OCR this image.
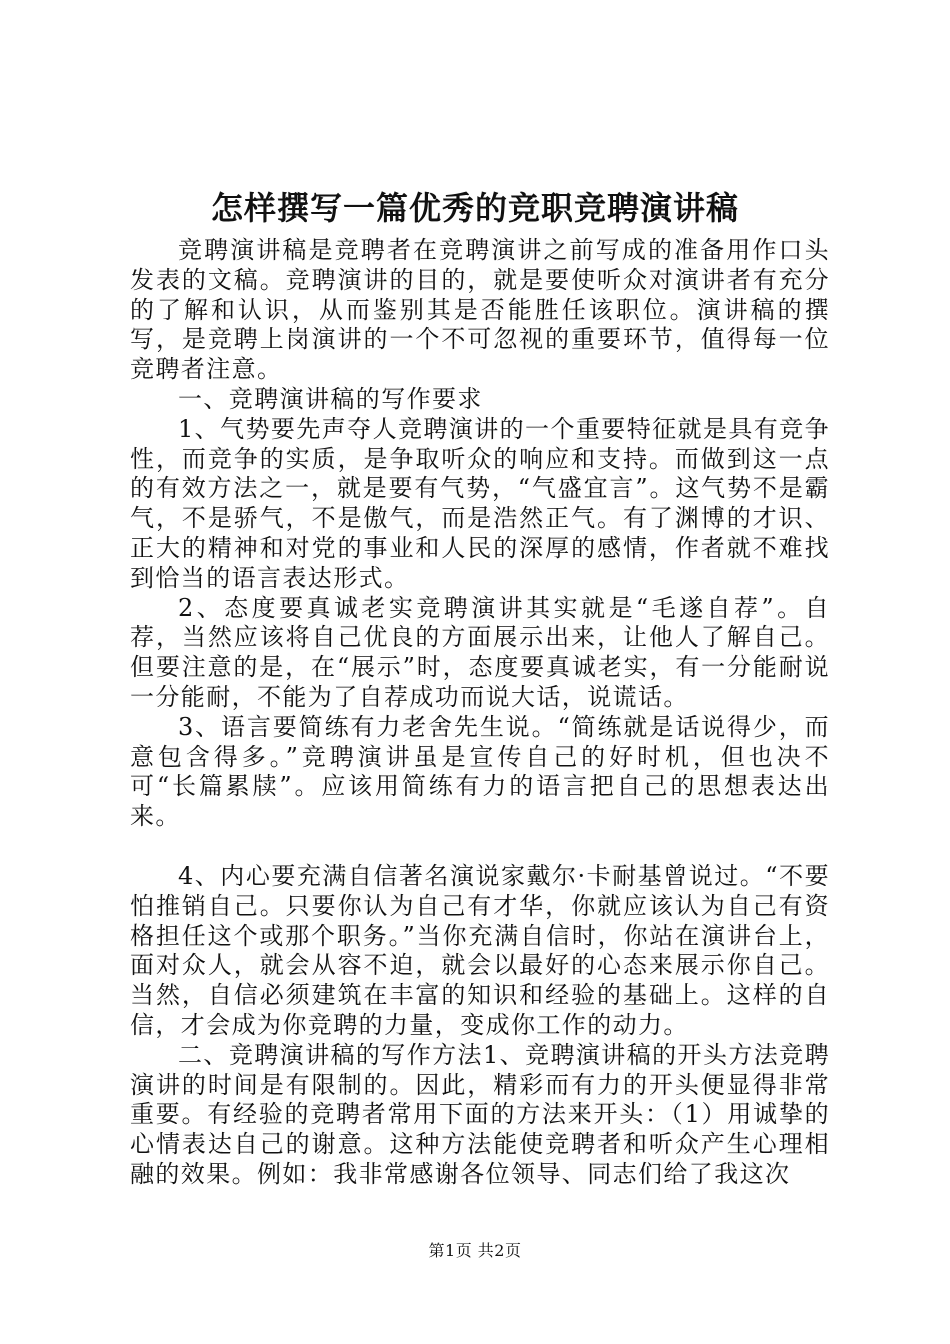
怎样撰写一篇优秀的竞职竞聘演讲稿

竞聘演讲稿是竞聘者在竞聘演讲之前写成的准备用作口头发表的文稿。竞聘演讲的目的，就是要使听众对演讲者有充分的了解和认识，从而鉴别其是否能胜任该职位。演讲稿的撰写，是竞聘上岗演讲的一个不可忽视的重要环节，值得每一位竞聘者注意。

一、竞聘演讲稿的写作要求

1、气势要先声夺人竞聘演讲的一个重要特征就是具有竞争性，而竞争的实质，是争取听众的响应和支持。而做到这一点的有效方法之一，就是要有气势，“气盛宜言”。这气势不是霸气，不是骄气，不是傲气，而是浩然正气。有了渊博的才识、正大的精神和对党的事业和人民的深厚的感情，作者就不难找到恰当的语言表达形式。

2、态度要真诚老实竞聘演讲其实就是“毛遂自荐”。自荐，当然应该将自己优良的方面展示出来，让他人了解自己。但要注意的是，在“展示”时，态度要真诚老实，有一分能耐说一分能耐，不能为了自荐成功而说大话，说谎话。

3、语言要简练有力老舍先生说。“简练就是话说得少，而意包含得多。”竞聘演讲虽是宣传自己的好时机，但也决不可“长篇累牍”。应该用简练有力的语言把自己的思想表达出来。

4、内心要充满自信著名演说家戴尔·卡耐基曾说过。“不要怕推销自己。只要你认为自己有才华，你就应该认为自己有资格担任这个或那个职务。”当你充满自信时，你站在演讲台上，面对众人，就会从容不迫，就会以最好的心态来展示你自己。当然，自信必须建筑在丰富的知识和经验的基础上。这样的自信，才会成为你竞聘的力量，变成你工作的动力。

二、竞聘演讲稿的写作方法1、竞聘演讲稿的开头方法竞聘演讲的时间是有限制的。因此，精彩而有力的开头便显得非常重要。有经验的竞聘者常用下面的方法来开头：（1）用诚挚的心情表达自己的谢意。这种方法能使竞聘者和听众产生心理相融的效果。例如：我非常感谢各位领导、同志们给了我这次

第1页 共2页
